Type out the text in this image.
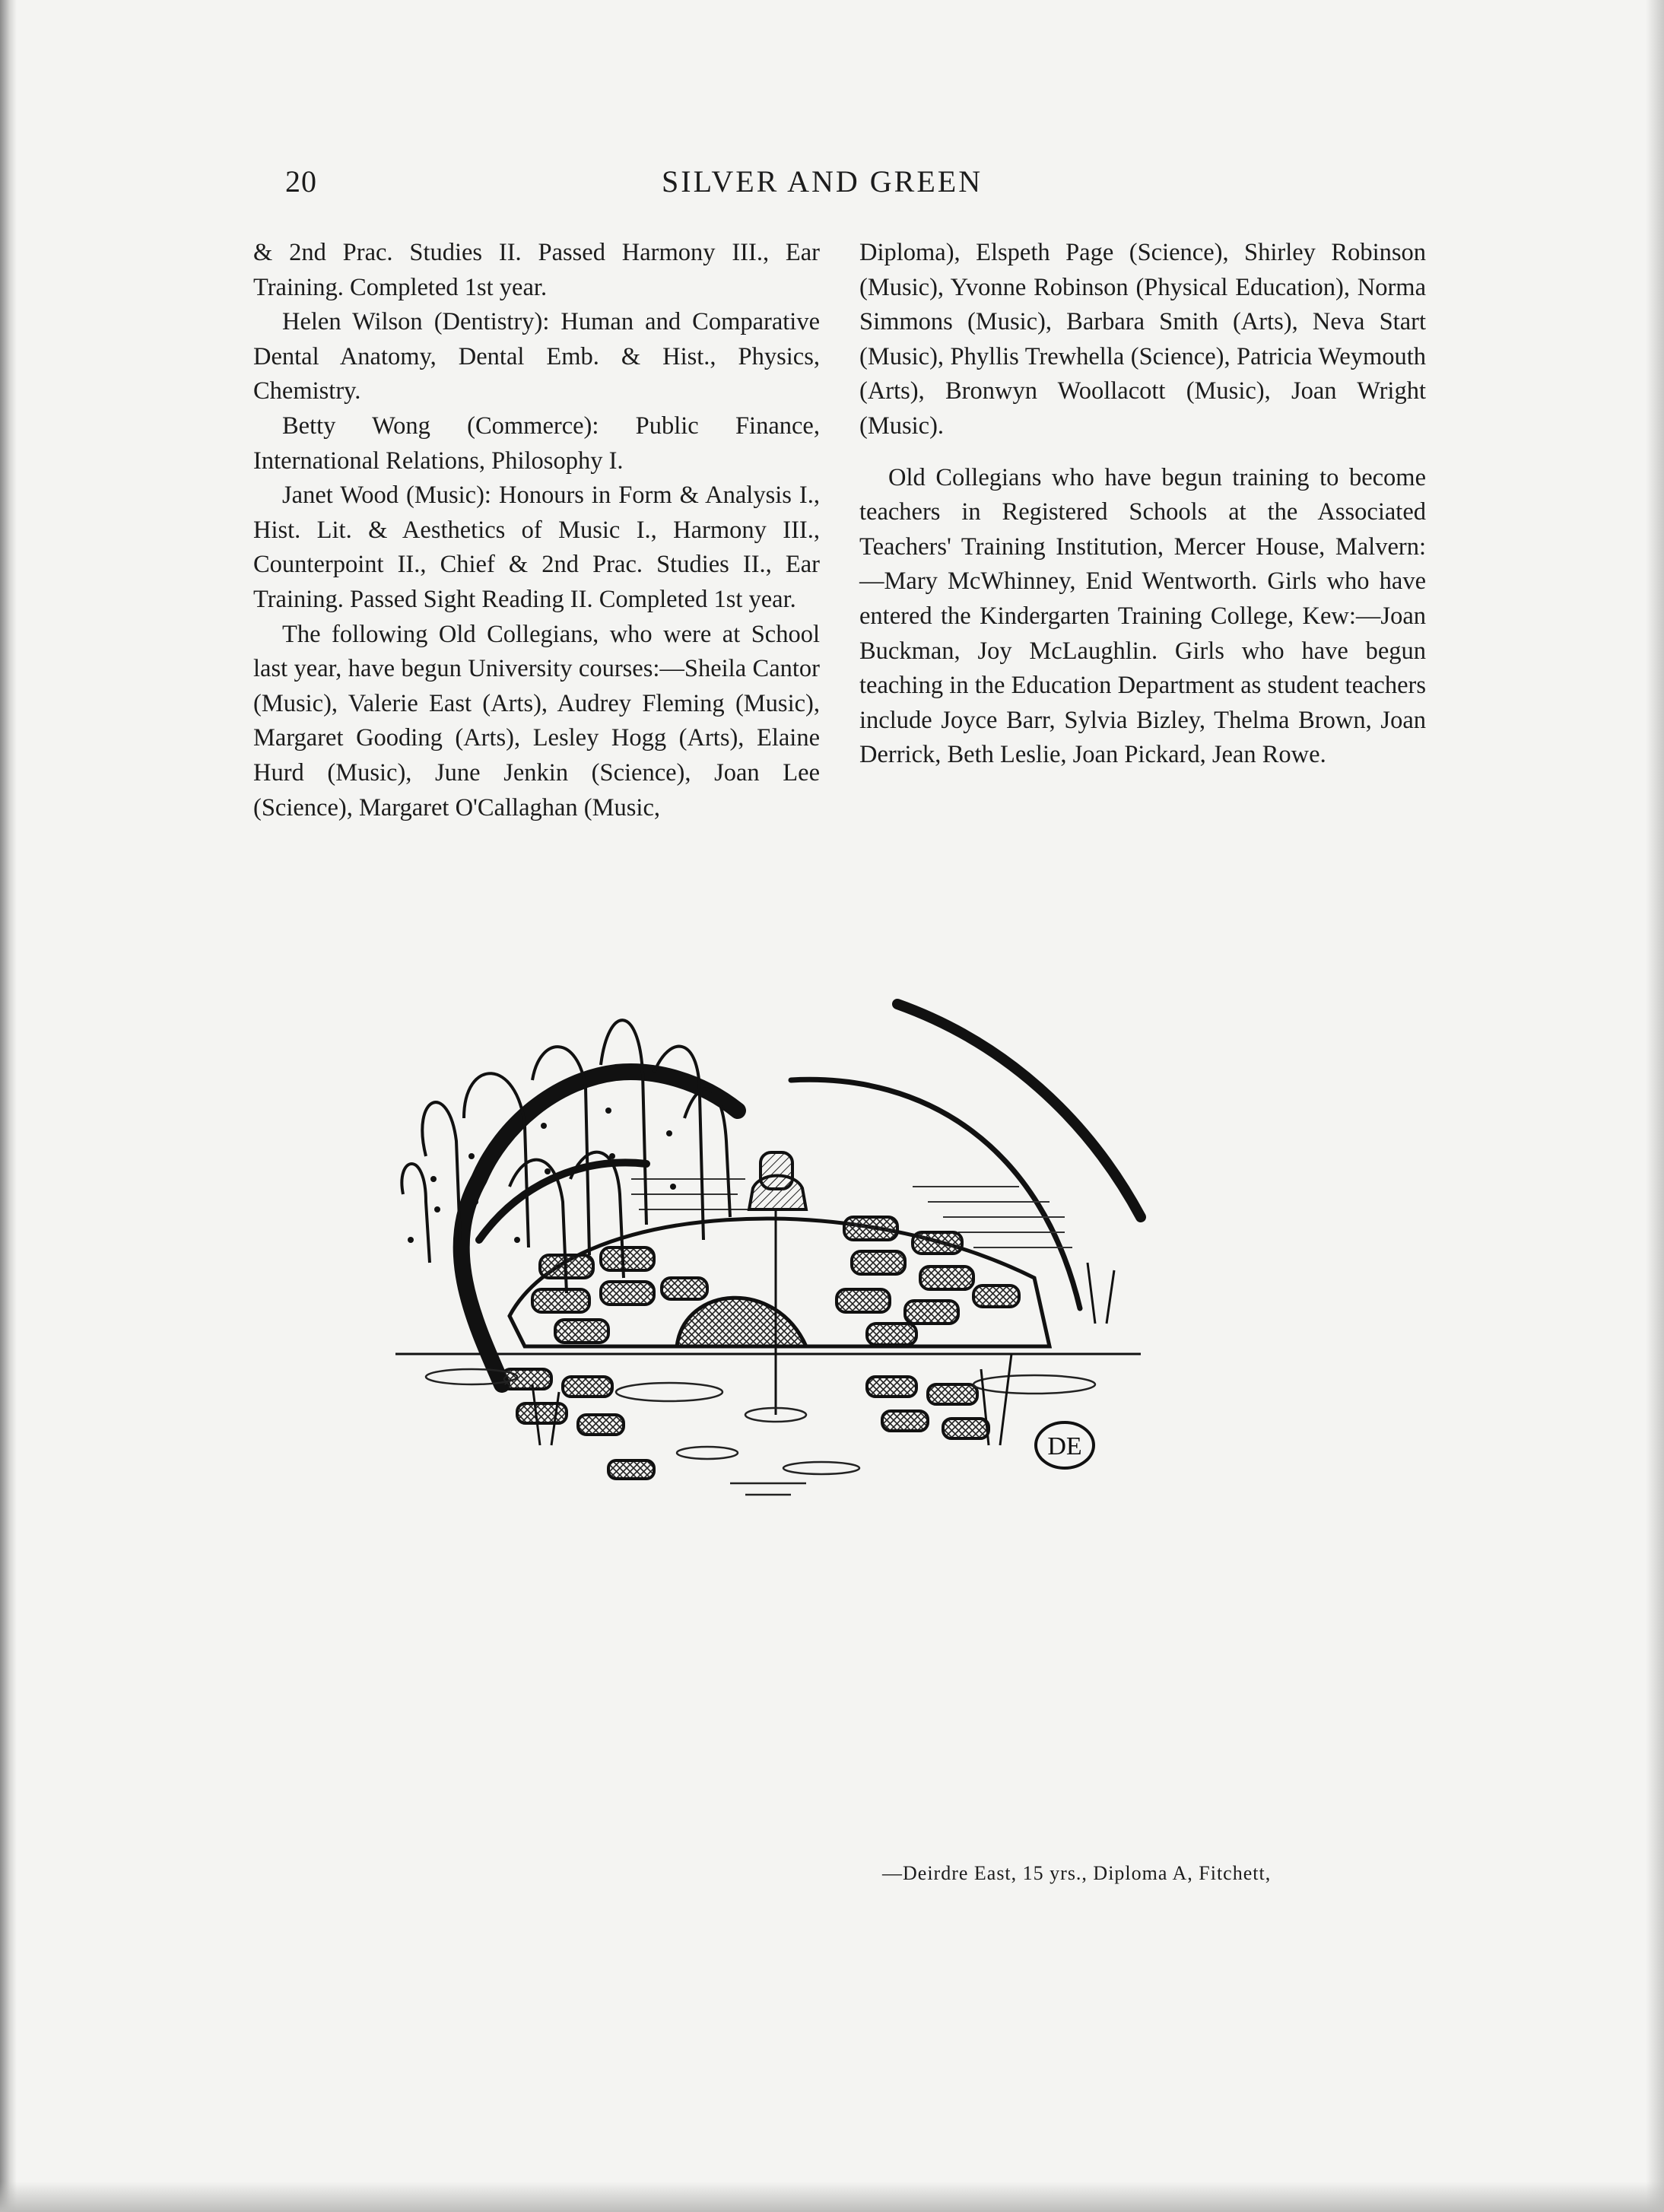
20	SILVER AND GREEN

& 2nd Prac. Studies II. Passed Harmony III., Ear Training. Completed 1st year.

Helen Wilson (Dentistry): Human and Comparative Dental Anatomy, Dental Emb. & Hist., Physics, Chemistry.

Betty Wong (Commerce): Public Finance, International Relations, Philosophy I.

Janet Wood (Music): Honours in Form & Analysis I., Hist. Lit. & Aesthetics of Music I., Harmony III., Counterpoint II., Chief & 2nd Prac. Studies II., Ear Training. Passed Sight Reading II. Completed 1st year.

The following Old Collegians, who were at School last year, have begun University courses:—Sheila Cantor (Music), Valerie East (Arts), Audrey Fleming (Music), Margaret Gooding (Arts), Lesley Hogg (Arts), Elaine Hurd (Music), June Jenkin (Science), Joan Lee (Science), Margaret O'Callaghan (Music,

Diploma), Elspeth Page (Science), Shirley Robinson (Music), Yvonne Robinson (Physical Education), Norma Simmons (Music), Barbara Smith (Arts), Neva Start (Music), Phyllis Trewhella (Science), Patricia Weymouth (Arts), Bronwyn Woollacott (Music), Joan Wright (Music).

Old Collegians who have begun training to become teachers in Registered Schools at the Associated Teachers' Training Institution, Mercer House, Malvern:—Mary McWhinney, Enid Wentworth. Girls who have entered the Kindergarten Training College, Kew:—Joan Buckman, Joy McLaughlin. Girls who have begun teaching in the Education Department as student teachers include Joyce Barr, Sylvia Bizley, Thelma Brown, Joan Derrick, Beth Leslie, Joan Pickard, Jean Rowe.

DE
—Deirdre East, 15 yrs., Diploma A, Fitchett,
